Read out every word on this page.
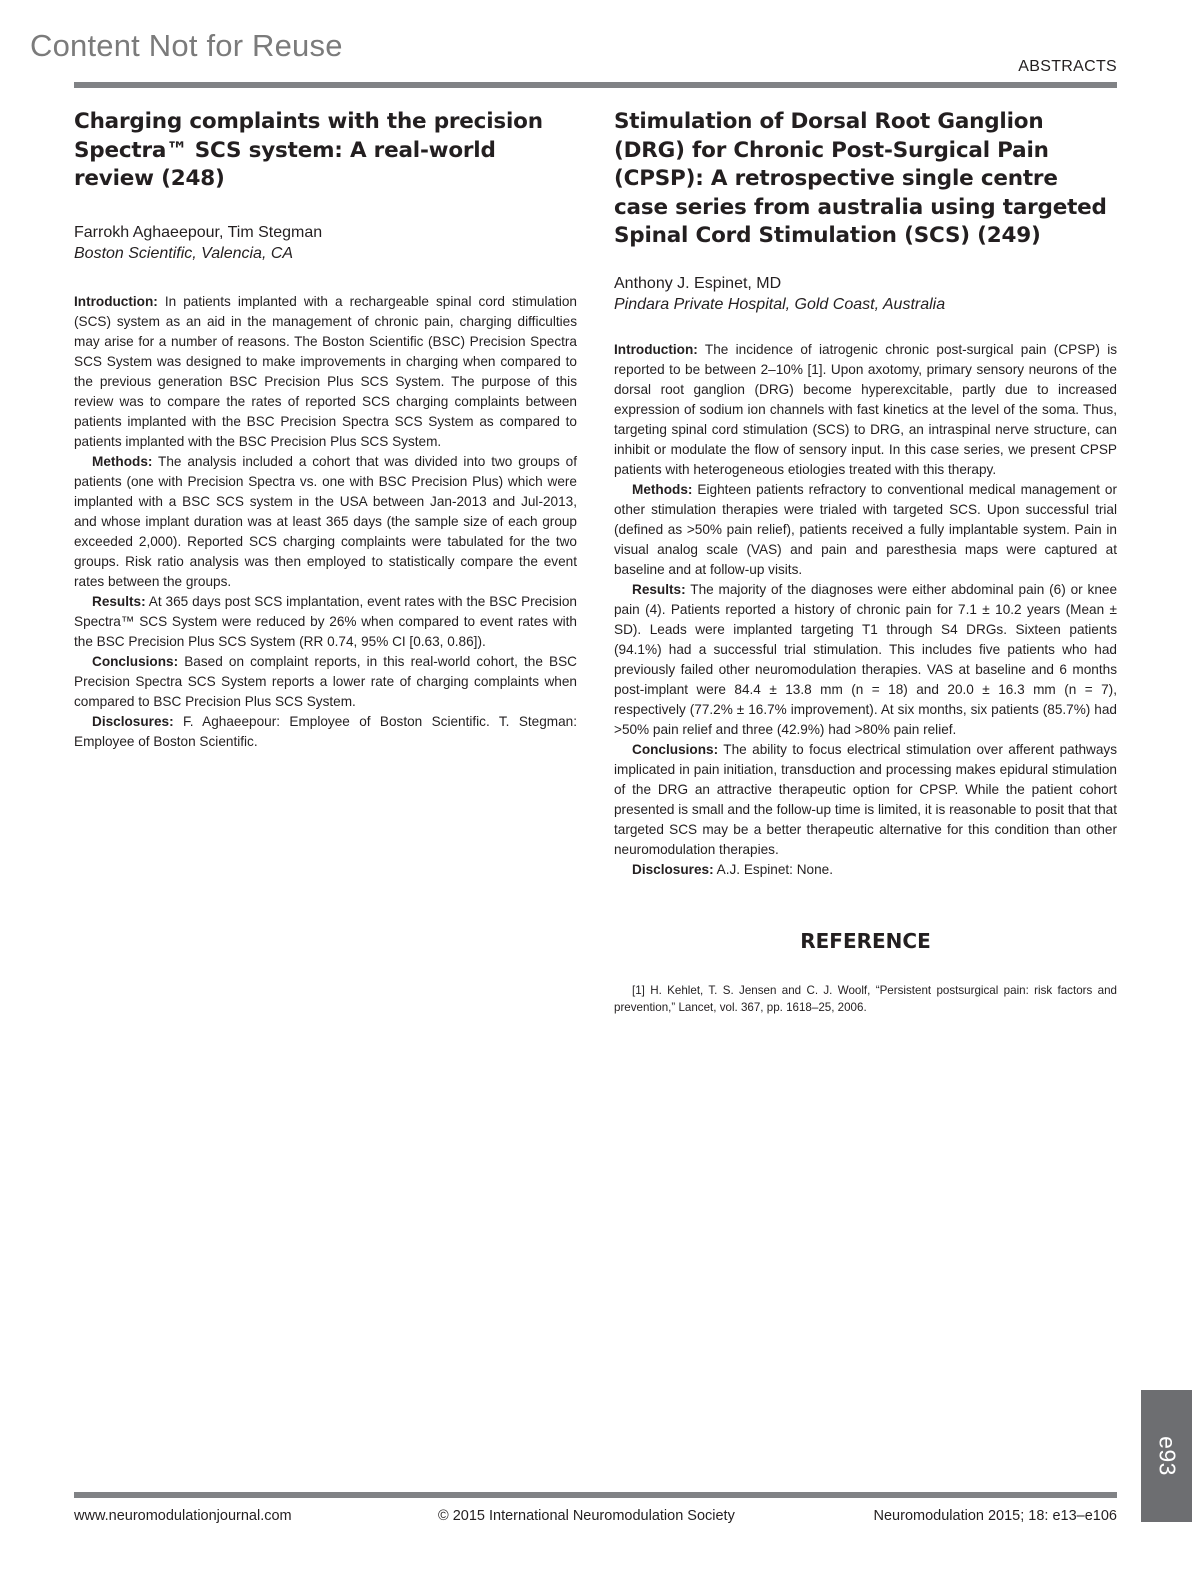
Content Not for Reuse
ABSTRACTS
Charging complaints with the precision Spectra™ SCS system: A real-world review (248)

Farrokh Aghaeepour, Tim Stegman

Boston Scientific, Valencia, CA

Introduction: In patients implanted with a rechargeable spinal cord stimulation (SCS) system as an aid in the management of chronic pain, charging difficulties may arise for a number of reasons. The Boston Scientific (BSC) Precision Spectra SCS System was designed to make improvements in charging when compared to the previous generation BSC Precision Plus SCS System. The purpose of this review was to compare the rates of reported SCS charging complaints between patients implanted with the BSC Precision Spectra SCS System as compared to patients implanted with the BSC Precision Plus SCS System.

Methods: The analysis included a cohort that was divided into two groups of patients (one with Precision Spectra vs. one with BSC Precision Plus) which were implanted with a BSC SCS system in the USA between Jan-2013 and Jul-2013, and whose implant duration was at least 365 days (the sample size of each group exceeded 2,000). Reported SCS charging complaints were tabulated for the two groups. Risk ratio analysis was then employed to statistically compare the event rates between the groups.

Results: At 365 days post SCS implantation, event rates with the BSC Precision Spectra™ SCS System were reduced by 26% when compared to event rates with the BSC Precision Plus SCS System (RR 0.74, 95% CI [0.63, 0.86]).

Conclusions: Based on complaint reports, in this real-world cohort, the BSC Precision Spectra SCS System reports a lower rate of charging complaints when compared to BSC Precision Plus SCS System.

Disclosures: F. Aghaeepour: Employee of Boston Scientific. T. Stegman: Employee of Boston Scientific.

Stimulation of Dorsal Root Ganglion (DRG) for Chronic Post-Surgical Pain (CPSP): A retrospective single centre case series from australia using targeted Spinal Cord Stimulation (SCS) (249)

Anthony J. Espinet, MD

Pindara Private Hospital, Gold Coast, Australia

Introduction: The incidence of iatrogenic chronic post-surgical pain (CPSP) is reported to be between 2–10% [1]. Upon axotomy, primary sensory neurons of the dorsal root ganglion (DRG) become hyperexcitable, partly due to increased expression of sodium ion channels with fast kinetics at the level of the soma. Thus, targeting spinal cord stimulation (SCS) to DRG, an intraspinal nerve structure, can inhibit or modulate the flow of sensory input. In this case series, we present CPSP patients with heterogeneous etiologies treated with this therapy.

Methods: Eighteen patients refractory to conventional medical management or other stimulation therapies were trialed with targeted SCS. Upon successful trial (defined as >50% pain relief), patients received a fully implantable system. Pain in visual analog scale (VAS) and pain and paresthesia maps were captured at baseline and at follow-up visits.

Results: The majority of the diagnoses were either abdominal pain (6) or knee pain (4). Patients reported a history of chronic pain for 7.1 ± 10.2 years (Mean ± SD). Leads were implanted targeting T1 through S4 DRGs. Sixteen patients (94.1%) had a successful trial stimulation. This includes five patients who had previously failed other neuromodulation therapies. VAS at baseline and 6 months post-implant were 84.4 ± 13.8 mm (n = 18) and 20.0 ± 16.3 mm (n = 7), respectively (77.2% ± 16.7% improvement). At six months, six patients (85.7%) had >50% pain relief and three (42.9%) had >80% pain relief.

Conclusions: The ability to focus electrical stimulation over afferent pathways implicated in pain initiation, transduction and processing makes epidural stimulation of the DRG an attractive therapeutic option for CPSP. While the patient cohort presented is small and the follow-up time is limited, it is reasonable to posit that that targeted SCS may be a better therapeutic alternative for this condition than other neuromodulation therapies.

Disclosures: A.J. Espinet: None.

REFERENCE

[1] H. Kehlet, T. S. Jensen and C. J. Woolf, “Persistent postsurgical pain: risk factors and prevention,” Lancet, vol. 367, pp. 1618–25, 2006.

www.neuromodulationjournal.com	© 2015 International Neuromodulation Society	Neuromodulation 2015; 18: e13–e106
e93
